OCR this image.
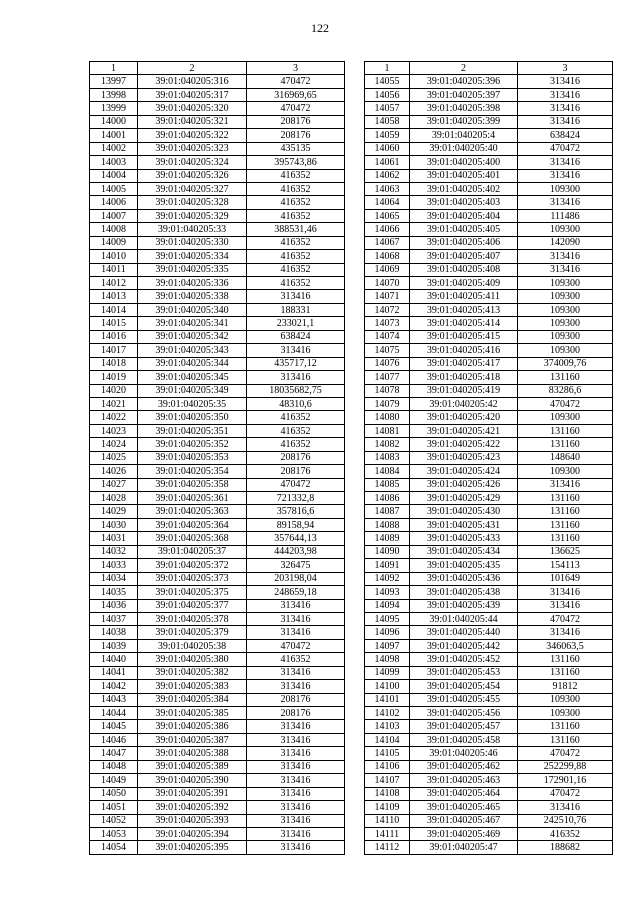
122
1	2	3
13997	39:01:040205:316	470472
13998	39:01:040205:317	316969,65
13999	39:01:040205:320	470472
14000	39:01:040205:321	208176
14001	39:01:040205:322	208176
14002	39:01:040205:323	435135
14003	39:01:040205:324	395743,86
14004	39:01:040205:326	416352
14005	39:01:040205:327	416352
14006	39:01:040205:328	416352
14007	39:01:040205:329	416352
14008	39:01:040205:33	388531,46
14009	39:01:040205:330	416352
14010	39:01:040205:334	416352
14011	39:01:040205:335	416352
14012	39:01:040205:336	416352
14013	39:01:040205:338	313416
14014	39:01:040205:340	188331
14015	39:01:040205:341	233021,1
14016	39:01:040205:342	638424
14017	39:01:040205:343	313416
14018	39:01:040205:344	435717,12
14019	39:01:040205:345	313416
14020	39:01:040205:349	18035682,75
14021	39:01:040205:35	48310,6
14022	39:01:040205:350	416352
14023	39:01:040205:351	416352
14024	39:01:040205:352	416352
14025	39:01:040205:353	208176
14026	39:01:040205:354	208176
14027	39:01:040205:358	470472
14028	39:01:040205:361	721332,8
14029	39:01:040205:363	357816,6
14030	39:01:040205:364	89158,94
14031	39:01:040205:368	357644,13
14032	39:01:040205:37	444203,98
14033	39:01:040205:372	326475
14034	39:01:040205:373	203198,04
14035	39:01:040205:375	248659,18
14036	39:01:040205:377	313416
14037	39:01:040205:378	313416
14038	39:01:040205:379	313416
14039	39:01:040205:38	470472
14040	39:01:040205:380	416352
14041	39:01:040205:382	313416
14042	39:01:040205:383	313416
14043	39:01:040205:384	208176
14044	39:01:040205:385	208176
14045	39:01:040205:386	313416
14046	39:01:040205:387	313416
14047	39:01:040205:388	313416
14048	39:01:040205:389	313416
14049	39:01:040205:390	313416
14050	39:01:040205:391	313416
14051	39:01:040205:392	313416
14052	39:01:040205:393	313416
14053	39:01:040205:394	313416
14054	39:01:040205:395	313416
1	2	3
14055	39:01:040205:396	313416
14056	39:01:040205:397	313416
14057	39:01:040205:398	313416
14058	39:01:040205:399	313416
14059	39:01:040205:4	638424
14060	39:01:040205:40	470472
14061	39:01:040205:400	313416
14062	39:01:040205:401	313416
14063	39:01:040205:402	109300
14064	39:01:040205:403	313416
14065	39:01:040205:404	111486
14066	39:01:040205:405	109300
14067	39:01:040205:406	142090
14068	39:01:040205:407	313416
14069	39:01:040205:408	313416
14070	39:01:040205:409	109300
14071	39:01:040205:411	109300
14072	39:01:040205:413	109300
14073	39:01:040205:414	109300
14074	39:01:040205:415	109300
14075	39:01:040205:416	109300
14076	39:01:040205:417	374009,76
14077	39:01:040205:418	131160
14078	39:01:040205:419	83286,6
14079	39:01:040205:42	470472
14080	39:01:040205:420	109300
14081	39:01:040205:421	131160
14082	39:01:040205:422	131160
14083	39:01:040205:423	148640
14084	39:01:040205:424	109300
14085	39:01:040205:426	313416
14086	39:01:040205:429	131160
14087	39:01:040205:430	131160
14088	39:01:040205:431	131160
14089	39:01:040205:433	131160
14090	39:01:040205:434	136625
14091	39:01:040205:435	154113
14092	39:01:040205:436	101649
14093	39:01:040205:438	313416
14094	39:01:040205:439	313416
14095	39:01:040205:44	470472
14096	39:01:040205:440	313416
14097	39:01:040205:442	346063,5
14098	39:01:040205:452	131160
14099	39:01:040205:453	131160
14100	39:01:040205:454	91812
14101	39:01:040205:455	109300
14102	39:01:040205:456	109300
14103	39:01:040205:457	131160
14104	39:01:040205:458	131160
14105	39:01:040205:46	470472
14106	39:01:040205:462	252299,88
14107	39:01:040205:463	172901,16
14108	39:01:040205:464	470472
14109	39:01:040205:465	313416
14110	39:01:040205:467	242510,76
14111	39:01:040205:469	416352
14112	39:01:040205:47	188682
